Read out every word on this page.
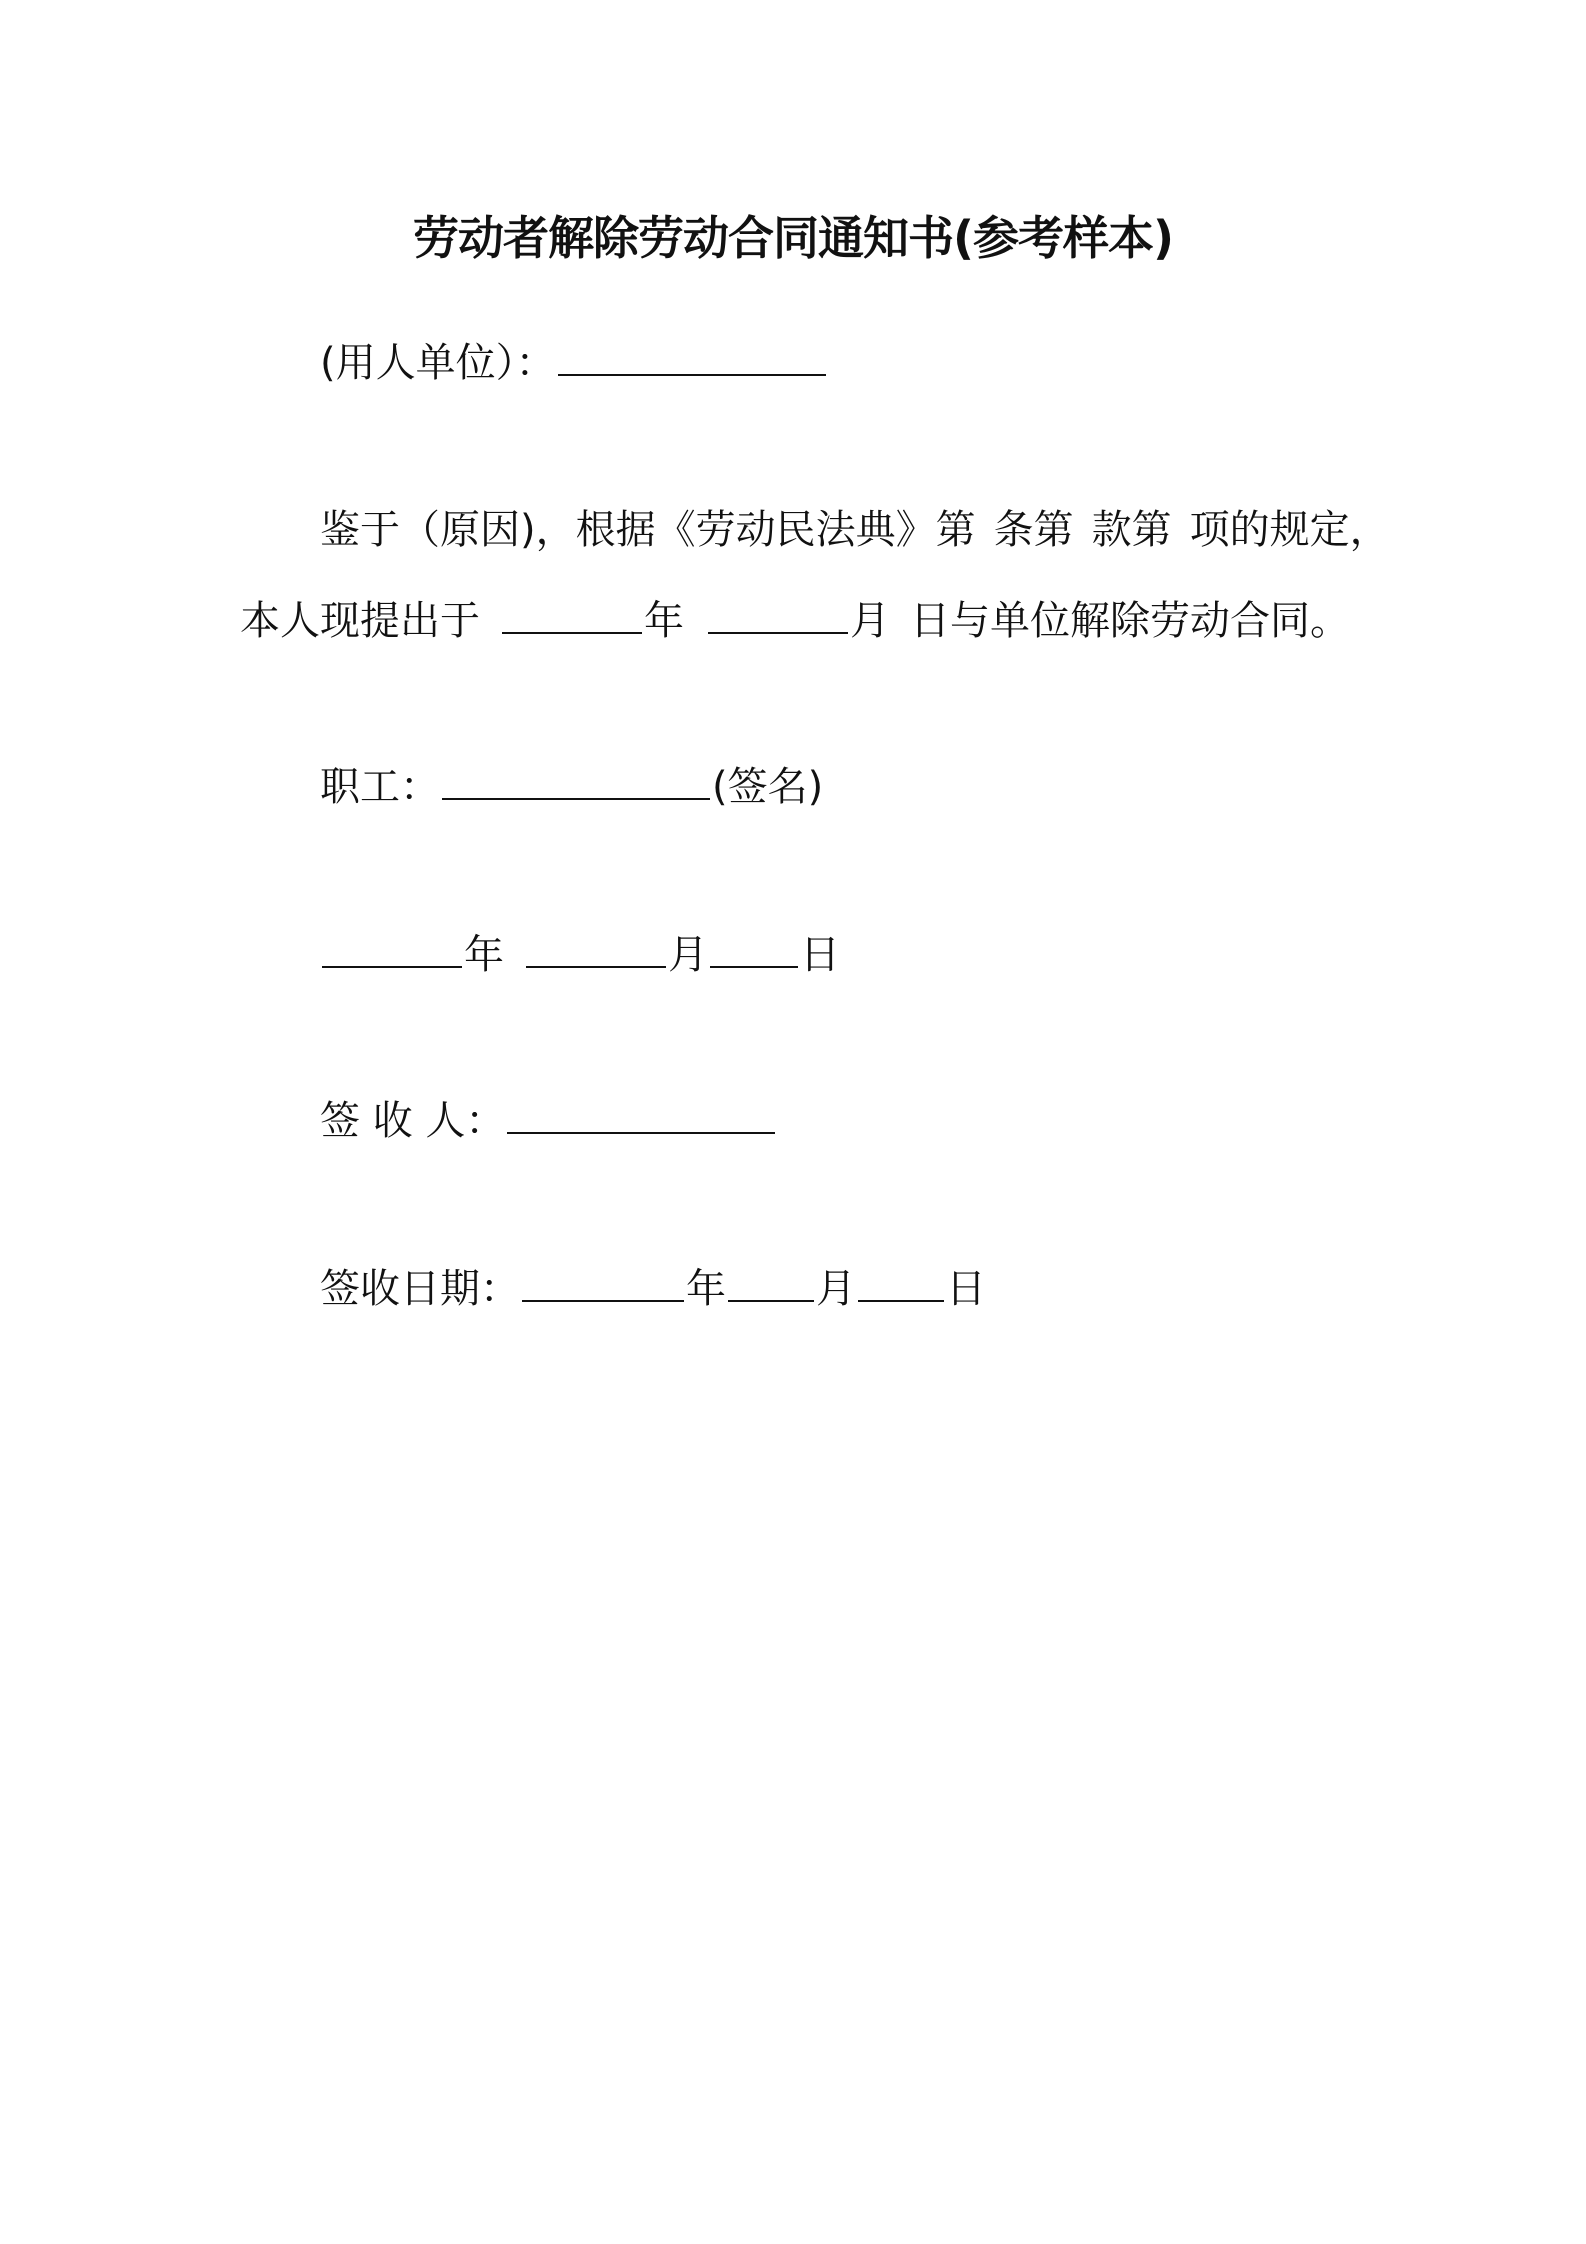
劳动者解除劳动合同通知书(参考样本)
(用人单位）：
鉴于（原因)，根据《劳动民法典》第 条第 款第 项的规定，
本人现提出于	年	月 日与单位解除劳动合同。
职工：	(签名)
年	月 日
签 收 人：
签收日期：	年 月 日
